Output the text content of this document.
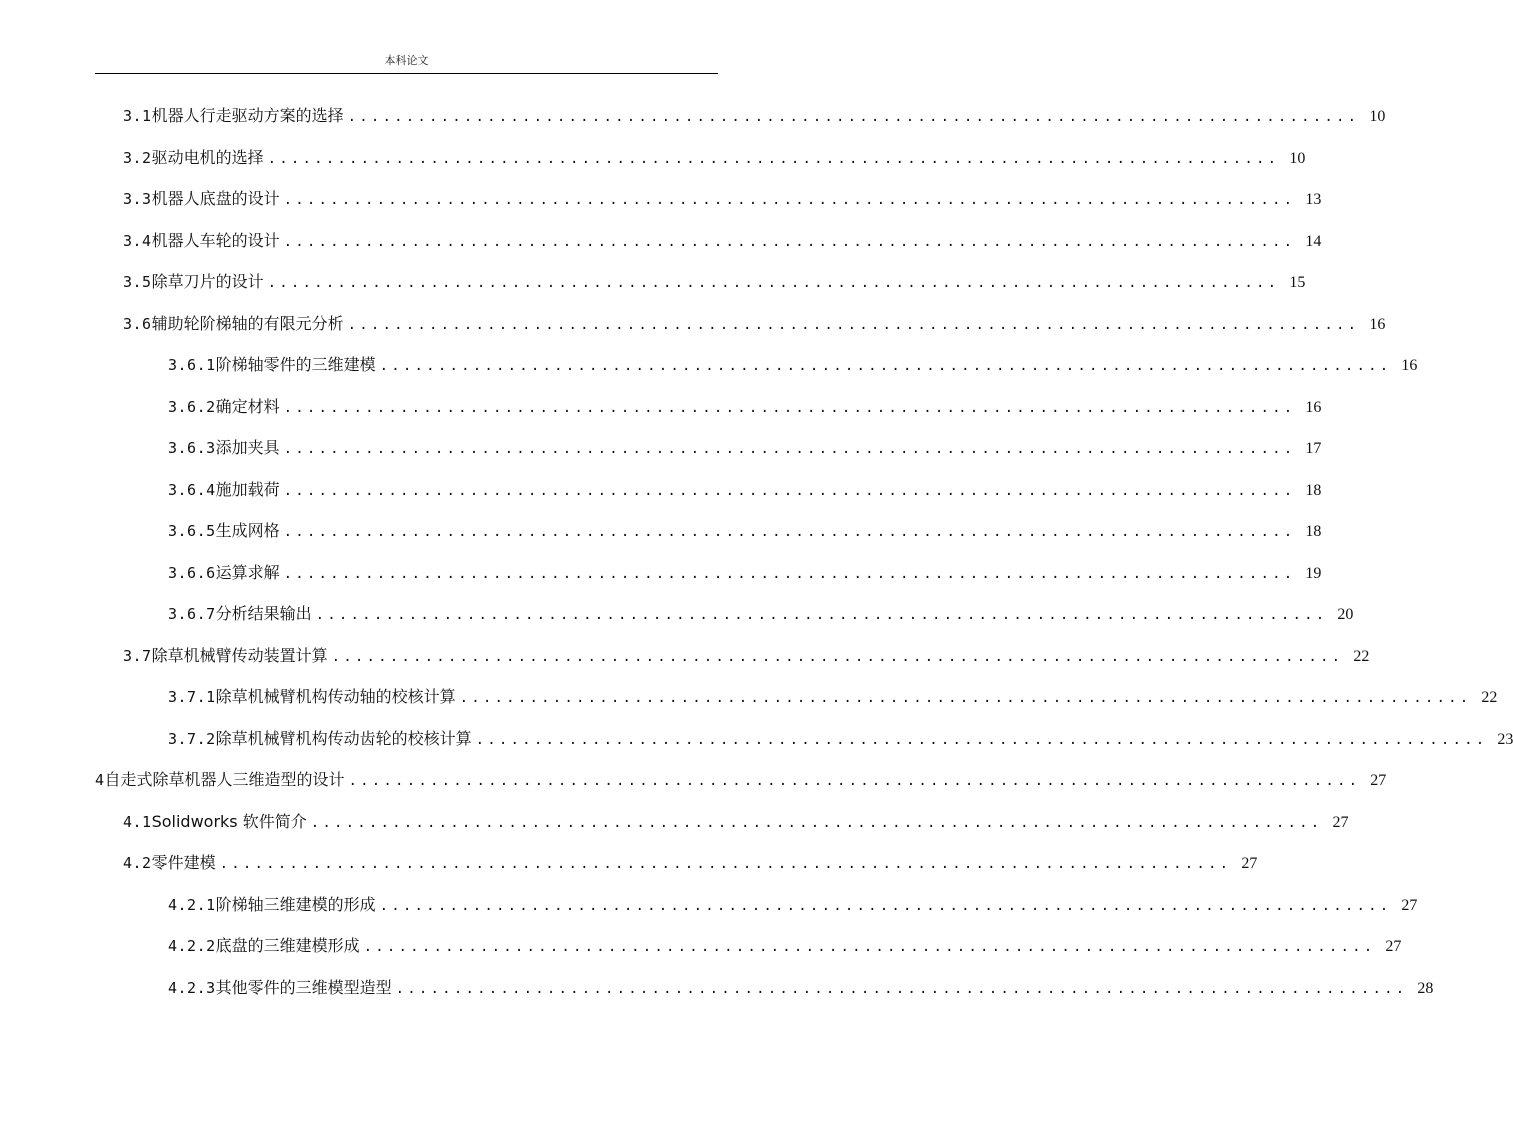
本科论文
3.1 机器人行走驱动方案的选择 ....................................................................................... 10
3.2 驱动电机的选择 ....................................................................................... 10
3.3 机器人底盘的设计 ....................................................................................... 13
3.4 机器人车轮的设计 ....................................................................................... 14
3.5 除草刀片的设计 ....................................................................................... 15
3.6 辅助轮阶梯轴的有限元分析 ....................................................................................... 16
3.6.1 阶梯轴零件的三维建模 ....................................................................................... 16
3.6.2 确定材料 ....................................................................................... 16
3.6.3 添加夹具 ....................................................................................... 17
3.6.4 施加载荷 ....................................................................................... 18
3.6.5 生成网格 ....................................................................................... 18
3.6.6 运算求解 ....................................................................................... 19
3.6.7 分析结果输出 ....................................................................................... 20
3.7 除草机械臂传动装置计算 ....................................................................................... 22
3.7.1 除草机械臂机构传动轴的校核计算 ....................................................................................... 22
3.7.2 除草机械臂机构传动齿轮的校核计算 ....................................................................................... 23
4 自走式除草机器人三维造型的设计 ....................................................................................... 27
4.1 Solidworks 软件简介 ....................................................................................... 27
4.2 零件建模 ....................................................................................... 27
4.2.1 阶梯轴三维建模的形成 ....................................................................................... 27
4.2.2 底盘的三维建模形成 ....................................................................................... 27
4.2.3 其他零件的三维模型造型 ....................................................................................... 28
